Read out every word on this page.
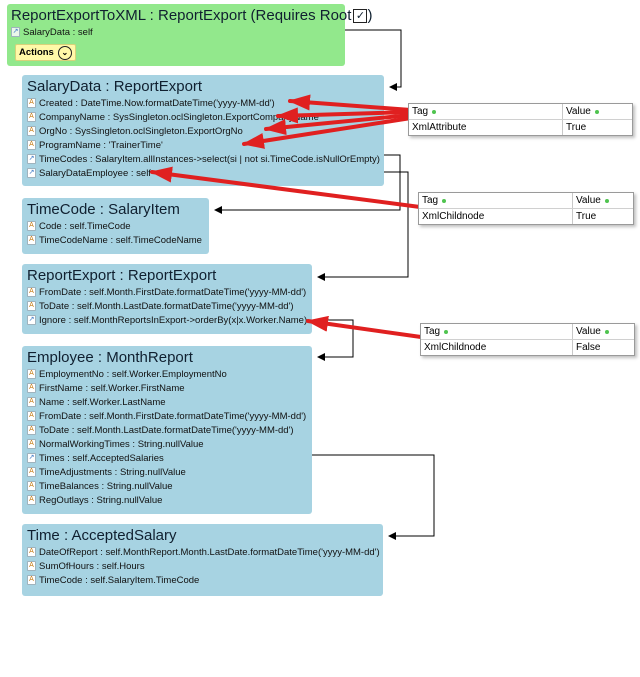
ReportExportToXML : ReportExport (Requires Root ✓ )
↗ SalaryData : self
Actions ⌄
SalaryData : ReportExport
A Created : DateTime.Now.formatDateTime('yyyy-MM-dd')
A CompanyName : SysSingleton.oclSingleton.ExportCompanyName
A OrgNo : SysSingleton.oclSingleton.ExportOrgNo
A ProgramName : 'TrainerTime'
↗ TimeCodes : SalaryItem.allInstances->select(si | not si.TimeCode.isNullOrEmpty)
↗ SalaryDataEmployee : self
TimeCode : SalaryItem
A Code : self.TimeCode
A TimeCodeName : self.TimeCodeName
ReportExport : ReportExport
A FromDate : self.Month.FirstDate.formatDateTime('yyyy-MM-dd')
A ToDate : self.Month.LastDate.formatDateTime('yyyy-MM-dd')
↗ Ignore : self.MonthReportsInExport->orderBy(x|x.Worker.Name)
Employee : MonthReport
A EmploymentNo : self.Worker.EmploymentNo
A FirstName : self.Worker.FirstName
A Name : self.Worker.LastName
A FromDate : self.Month.FirstDate.formatDateTime('yyyy-MM-dd')
A ToDate : self.Month.LastDate.formatDateTime('yyyy-MM-dd')
A NormalWorkingTimes : String.nullValue
↗ Times : self.AcceptedSalaries
A TimeAdjustments : String.nullValue
A TimeBalances : String.nullValue
A RegOutlays : String.nullValue
Time : AcceptedSalary
A DateOfReport : self.MonthReport.Month.LastDate.formatDateTime('yyyy-MM-dd')
A SumOfHours : self.Hours
A TimeCode : self.SalaryItem.TimeCode
Tag	Value
XmlAttribute	True
Tag	Value
XmlChildnode	True
Tag	Value
XmlChildnode	False
